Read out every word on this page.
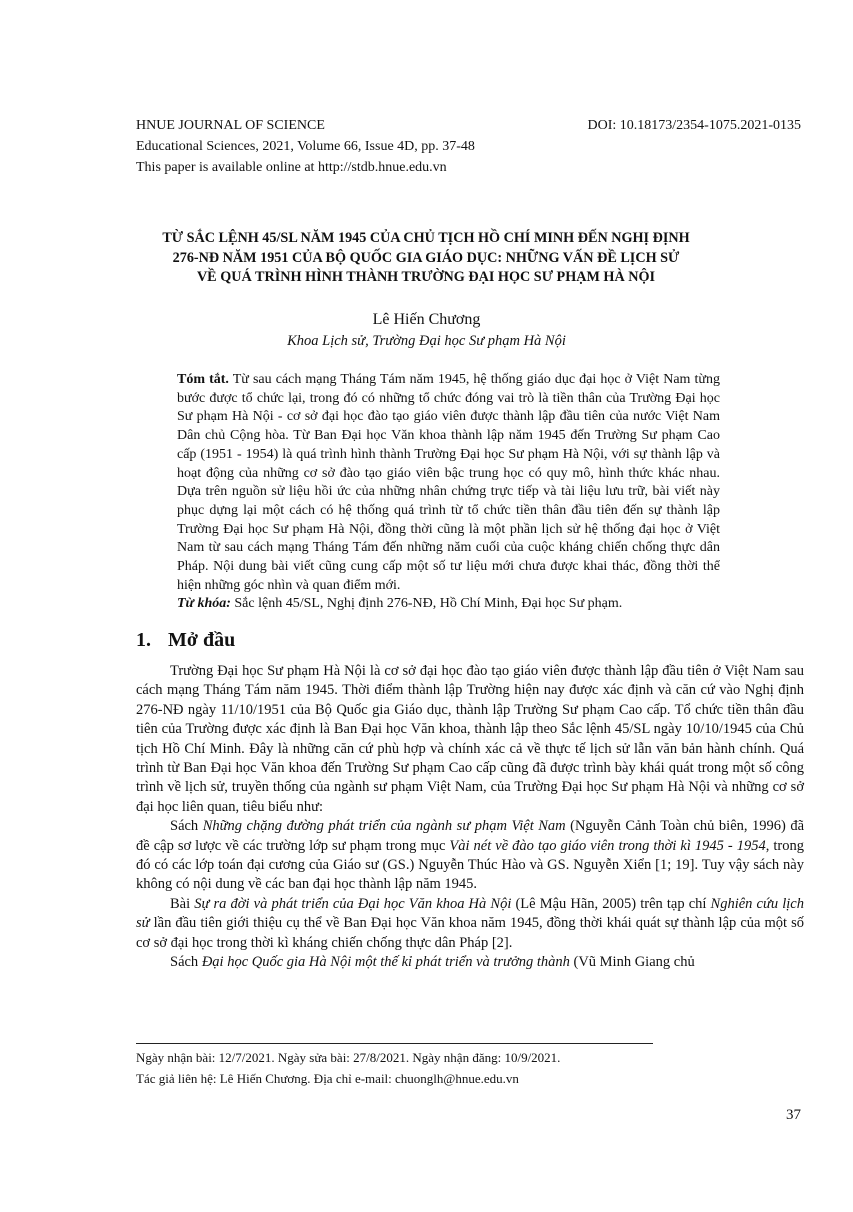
HNUE JOURNAL OF SCIENCE
Educational Sciences, 2021, Volume 66, Issue 4D, pp. 37-48
This paper is available online at http://stdb.hnue.edu.vn
DOI: 10.18173/2354-1075.2021-0135
TỪ SẮC LỆNH 45/SL NĂM 1945 CỦA CHỦ TỊCH HỒ CHÍ MINH ĐẾN NGHỊ ĐỊNH
276-NĐ NĂM 1951 CỦA BỘ QUỐC GIA GIÁO DỤC: NHỮNG VẤN ĐỀ LỊCH SỬ
VỀ QUÁ TRÌNH HÌNH THÀNH TRƯỜNG ĐẠI HỌC SƯ PHẠM HÀ NỘI
Lê Hiến Chương
Khoa Lịch sử, Trường Đại học Sư phạm Hà Nội

Tóm tắt. Từ sau cách mạng Tháng Tám năm 1945, hệ thống giáo dục đại học ở Việt Nam từng bước được tổ chức lại, trong đó có những tổ chức đóng vai trò là tiền thân của Trường Đại học Sư phạm Hà Nội - cơ sở đại học đào tạo giáo viên được thành lập đầu tiên của nước Việt Nam Dân chủ Cộng hòa. Từ Ban Đại học Văn khoa thành lập năm 1945 đến Trường Sư phạm Cao cấp (1951 - 1954) là quá trình hình thành Trường Đại học Sư phạm Hà Nội, với sự thành lập và hoạt động của những cơ sở đào tạo giáo viên bậc trung học có quy mô, hình thức khác nhau. Dựa trên nguồn sử liệu hồi ức của những nhân chứng trực tiếp và tài liệu lưu trữ, bài viết này phục dựng lại một cách có hệ thống quá trình từ tổ chức tiền thân đầu tiên đến sự thành lập Trường Đại học Sư phạm Hà Nội, đồng thời cũng là một phần lịch sử hệ thống đại học ở Việt Nam từ sau cách mạng Tháng Tám đến những năm cuối của cuộc kháng chiến chống thực dân Pháp. Nội dung bài viết cũng cung cấp một số tư liệu mới chưa được khai thác, đồng thời thể hiện những góc nhìn và quan điểm mới.

Từ khóa: Sắc lệnh 45/SL, Nghị định 276-NĐ, Hồ Chí Minh, Đại học Sư phạm.

1. Mở đầu

Trường Đại học Sư phạm Hà Nội là cơ sở đại học đào tạo giáo viên được thành lập đầu tiên ở Việt Nam sau cách mạng Tháng Tám năm 1945. Thời điểm thành lập Trường hiện nay được xác định và căn cứ vào Nghị định 276-NĐ ngày 11/10/1951 của Bộ Quốc gia Giáo dục, thành lập Trường Sư phạm Cao cấp. Tổ chức tiền thân đầu tiên của Trường được xác định là Ban Đại học Văn khoa, thành lập theo Sắc lệnh 45/SL ngày 10/10/1945 của Chủ tịch Hồ Chí Minh. Đây là những căn cứ phù hợp và chính xác cả về thực tế lịch sử lẫn văn bản hành chính. Quá trình từ Ban Đại học Văn khoa đến Trường Sư phạm Cao cấp cũng đã được trình bày khái quát trong một số công trình về lịch sử, truyền thống của ngành sư phạm Việt Nam, của Trường Đại học Sư phạm Hà Nội và những cơ sở đại học liên quan, tiêu biểu như:

Sách Những chặng đường phát triển của ngành sư phạm Việt Nam (Nguyễn Cảnh Toàn chủ biên, 1996) đã đề cập sơ lược về các trường lớp sư phạm trong mục Vài nét về đào tạo giáo viên trong thời kì 1945 - 1954, trong đó có các lớp toán đại cương của Giáo sư (GS.) Nguyễn Thúc Hào và GS. Nguyễn Xiển [1; 19]. Tuy vậy sách này không có nội dung về các ban đại học thành lập năm 1945.

Bài Sự ra đời và phát triển của Đại học Văn khoa Hà Nội (Lê Mậu Hãn, 2005) trên tạp chí Nghiên cứu lịch sử lần đầu tiên giới thiệu cụ thể về Ban Đại học Văn khoa năm 1945, đồng thời khái quát sự thành lập của một số cơ sở đại học trong thời kì kháng chiến chống thực dân Pháp [2].

Sách Đại học Quốc gia Hà Nội một thế kỉ phát triển và trưởng thành (Vũ Minh Giang chủ

Ngày nhận bài: 12/7/2021. Ngày sửa bài: 27/8/2021. Ngày nhận đăng: 10/9/2021.
Tác giả liên hệ: Lê Hiến Chương. Địa chỉ e-mail: chuonglh@hnue.edu.vn
37
